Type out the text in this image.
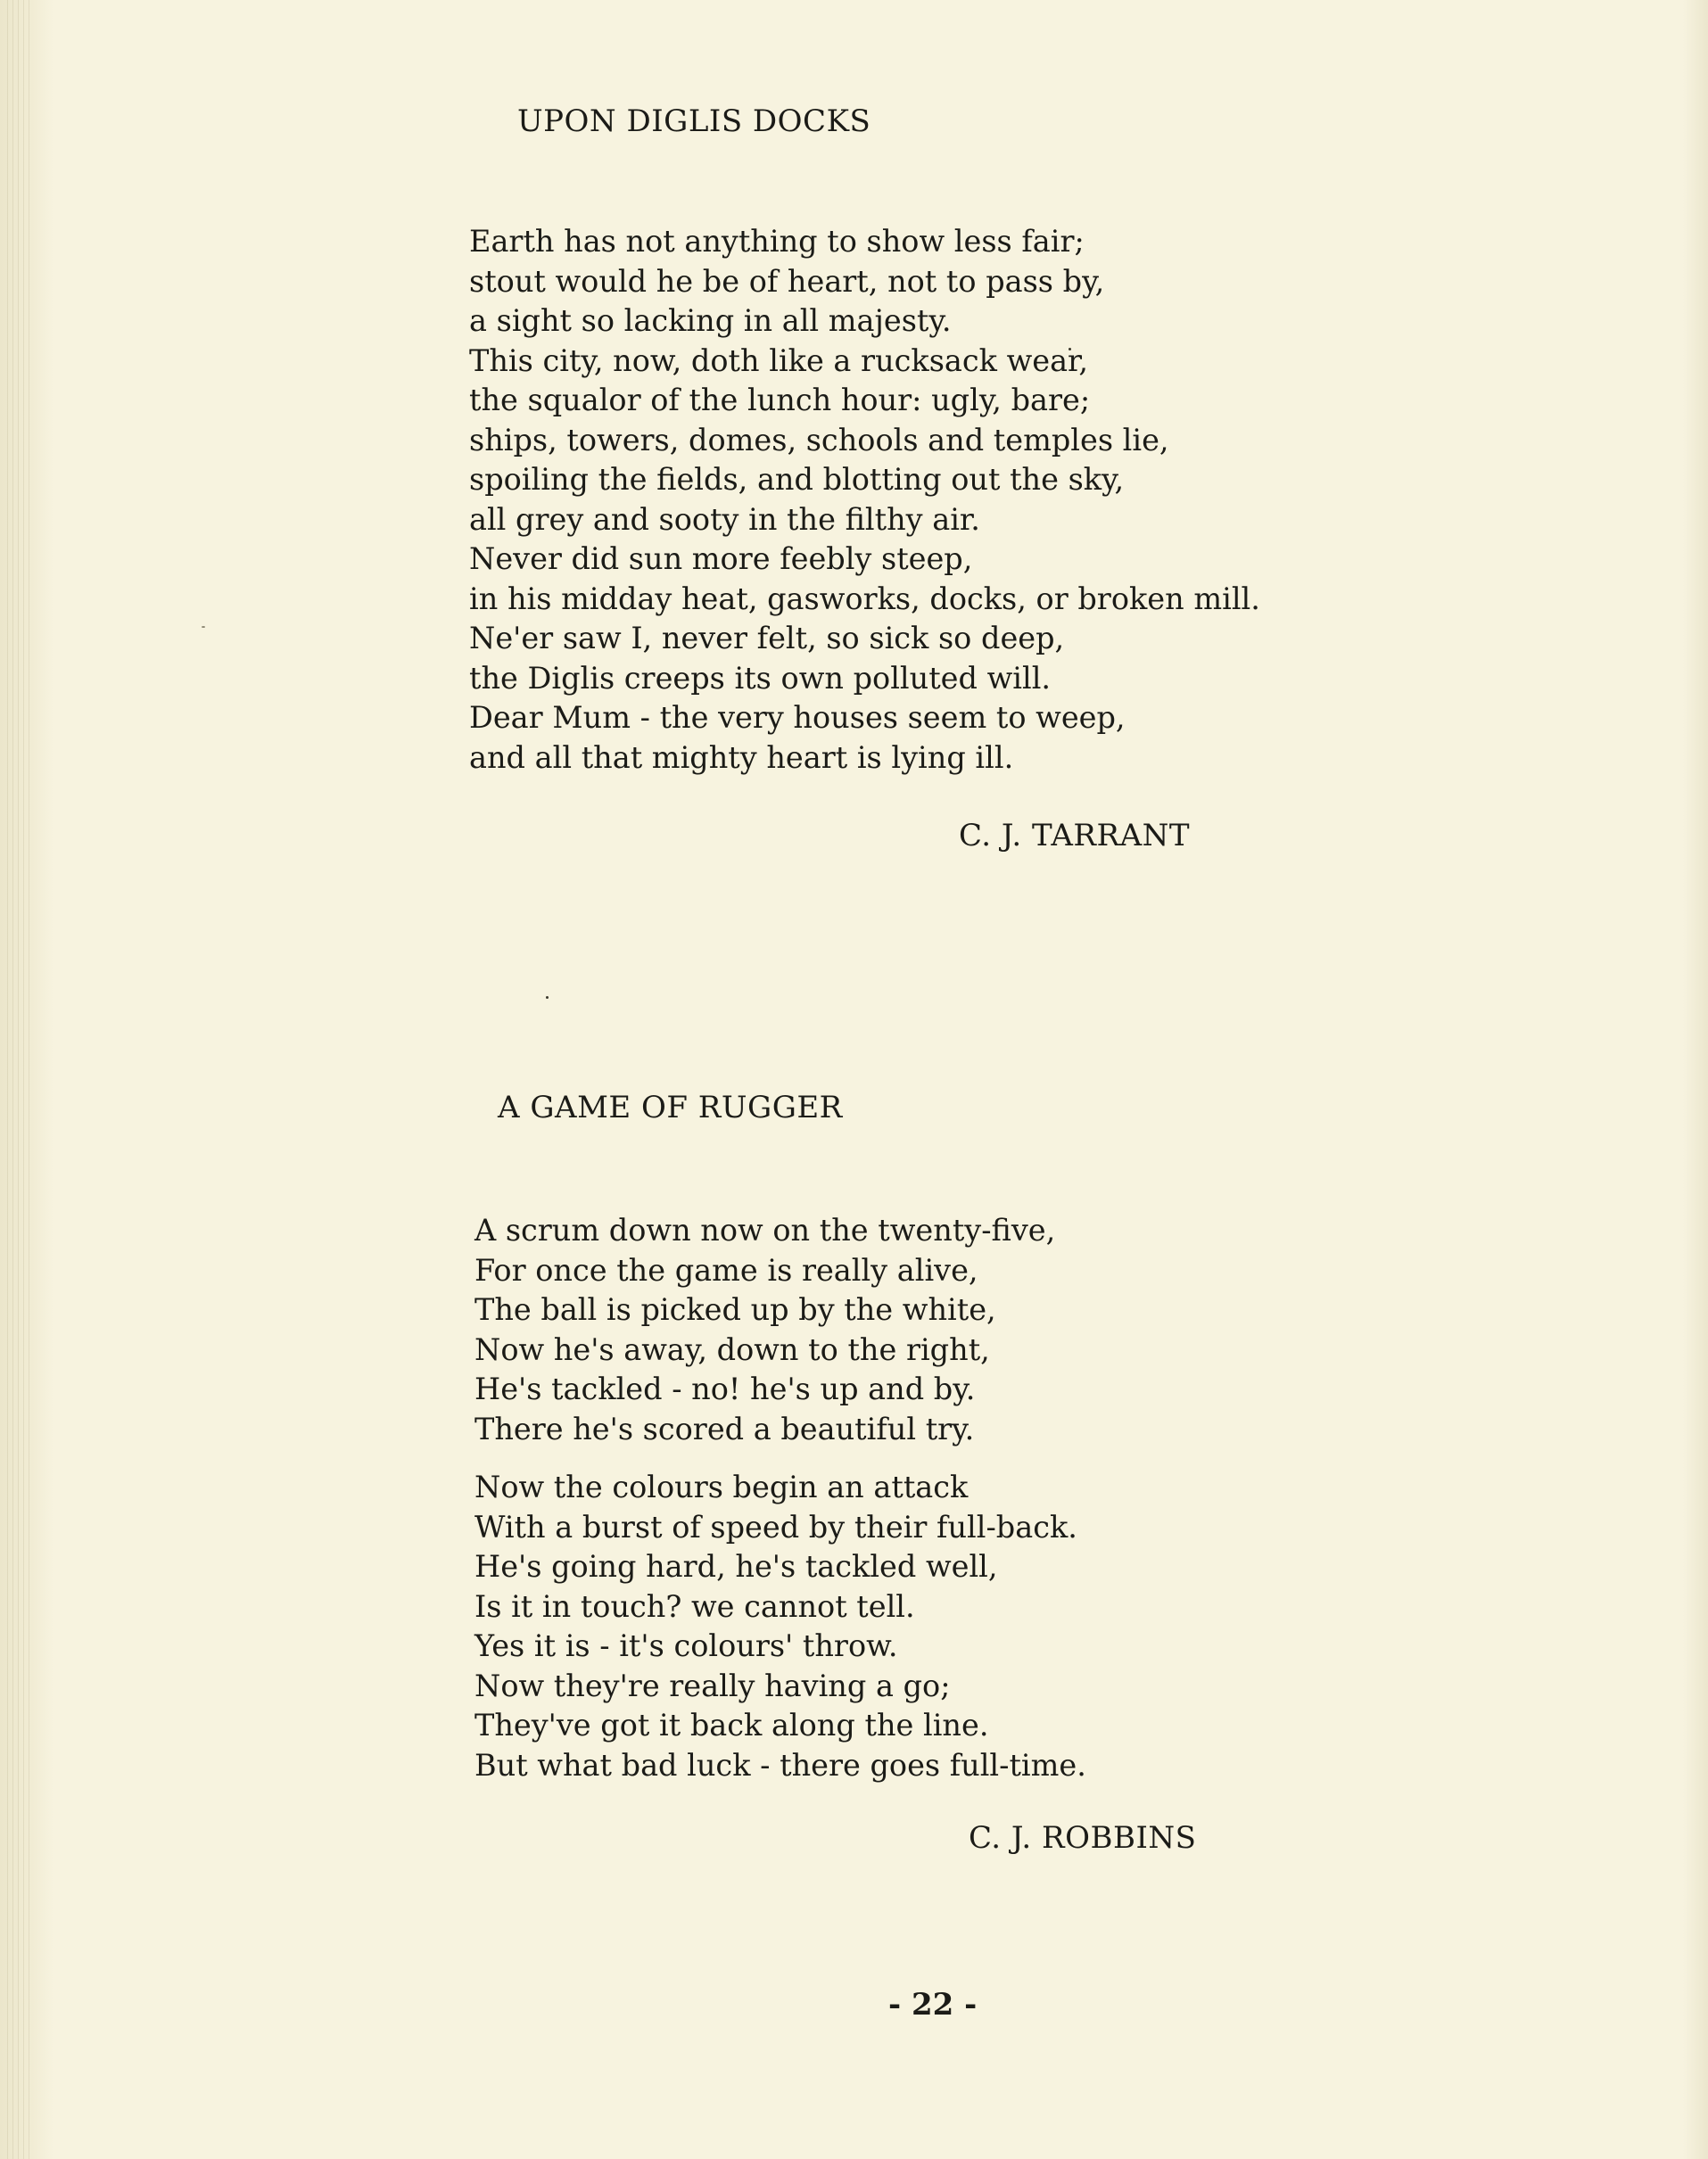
UPON DIGLIS DOCKS
Earth has not anything to show less fair;
stout would he be of heart, not to pass by,
a sight so lacking in all majesty.
This city, now, doth like a rucksack wear,
the squalor of the lunch hour: ugly, bare;
ships, towers, domes, schools and temples lie,
spoiling the fields, and blotting out the sky,
all grey and sooty in the filthy air.
Never did sun more feebly steep,
in his midday heat, gasworks, docks, or broken mill.
Ne'er saw I, never felt, so sick so deep,
the Diglis creeps its own polluted will.
Dear Mum - the very houses seem to weep,
and all that mighty heart is lying ill.
C. J. TARRANT
A GAME OF RUGGER
A scrum down now on the twenty-five,
For once the game is really alive,
The ball is picked up by the white,
Now he's away, down to the right,
He's tackled - no! he's up and by.
There he's scored a beautiful try.
Now the colours begin an attack
With a burst of speed by their full-back.
He's going hard, he's tackled well,
Is it in touch? we cannot tell.
Yes it is - it's colours' throw.
Now they're really having a go;
They've got it back along the line.
But what bad luck - there goes full-time.
C. J. ROBBINS
- 22 -
